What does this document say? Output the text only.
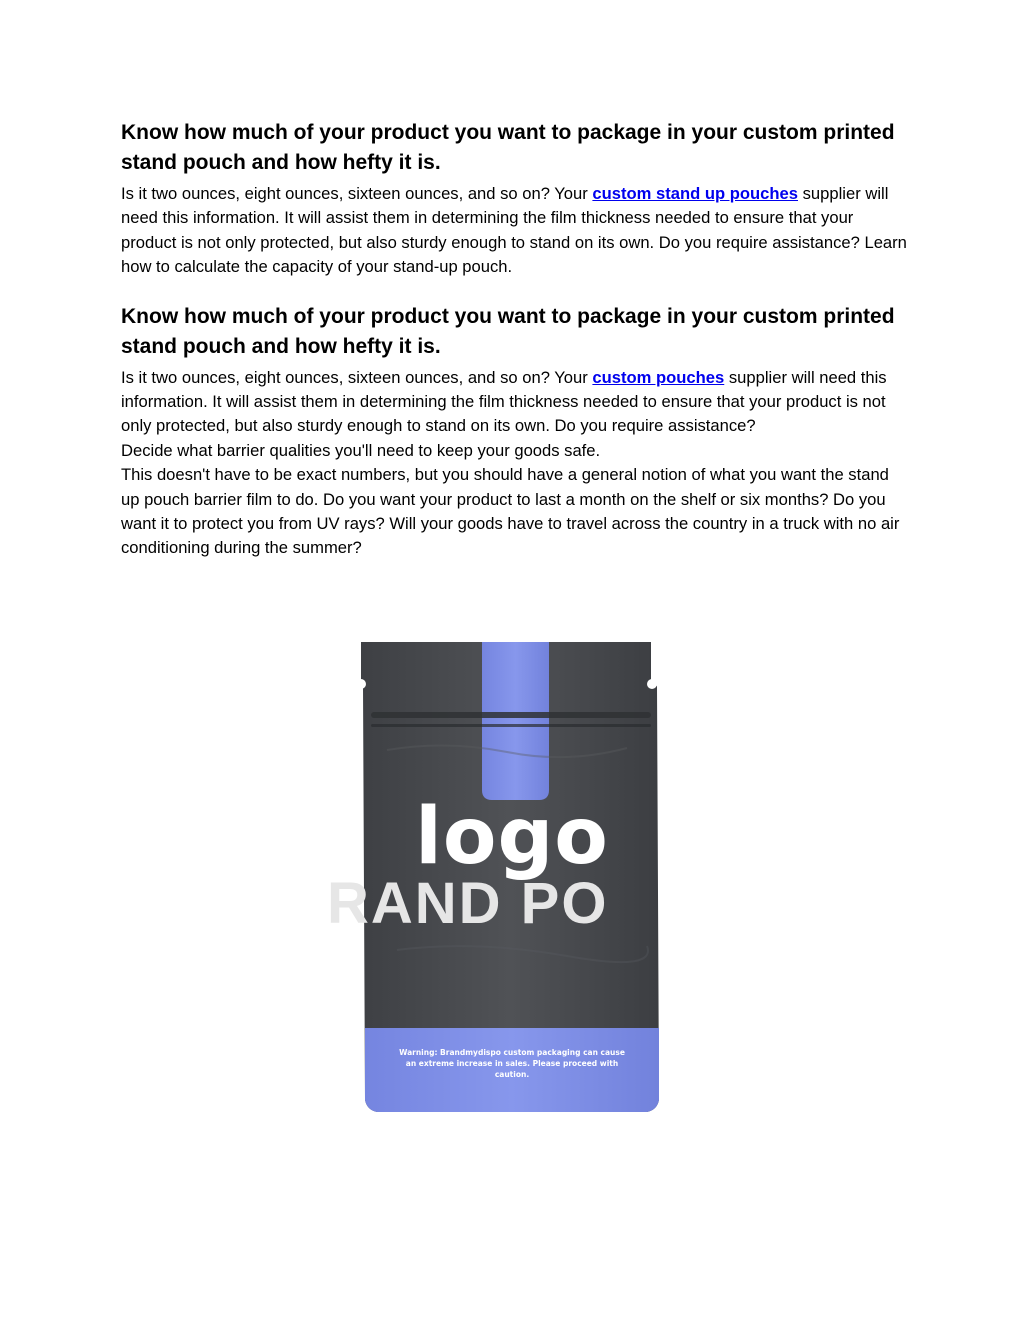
Know how much of your product you want to package in your custom printed stand pouch and how hefty it is.

Is it two ounces, eight ounces, sixteen ounces, and so on? Your custom stand up pouches supplier will need this information. It will assist them in determining the film thickness needed to ensure that your product is not only protected, but also sturdy enough to stand on its own. Do you require assistance? Learn how to calculate the capacity of your stand-up pouch.

Know how much of your product you want to package in your custom printed stand pouch and how hefty it is.

Is it two ounces, eight ounces, sixteen ounces, and so on? Your custom pouches supplier will need this information. It will assist them in determining the film thickness needed to ensure that your product is not only protected, but also sturdy enough to stand on its own. Do you require assistance?

Decide what barrier qualities you'll need to keep your goods safe.

This doesn't have to be exact numbers, but you should have a general notion of what you want the stand up pouch barrier film to do. Do you want your product to last a month on the shelf or six months? Do you want it to protect you from UV rays? Will your goods have to travel across the country in a truck with no air conditioning during the summer?

RAND PO
logo
Warning: Brandmydispo custom packaging can cause an extreme increase in sales. Please proceed with caution.
